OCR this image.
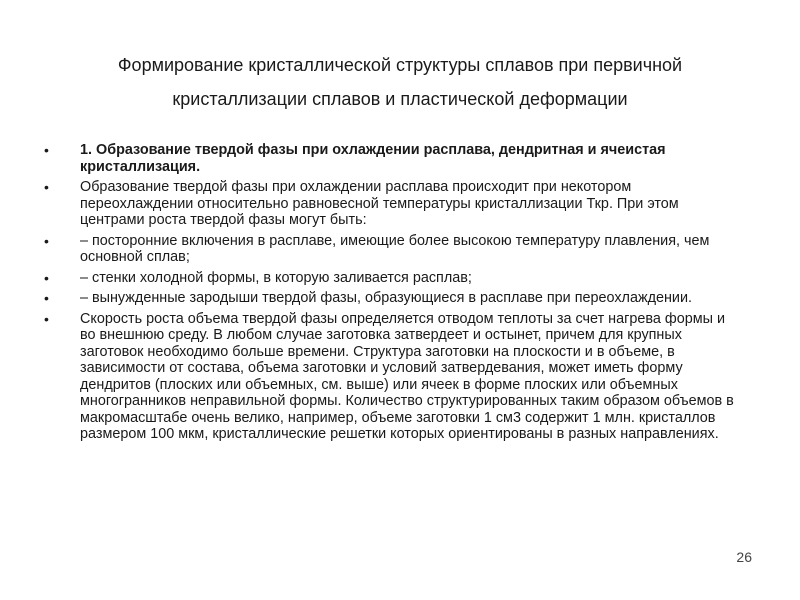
Формирование кристаллической структуры сплавов при первичной
кристаллизации сплавов и пластической деформации
• 1. Образование твердой фазы при охлаждении расплава, дендритная и ячеистая кристаллизация.
• Образование твердой фазы при охлаждении расплава происходит при некотором переохлаждении относительно равновесной температуры кристаллизации Ткр. При этом центрами роста твердой фазы могут быть:
• – посторонние включения в расплаве, имеющие более высокою температуру плавления, чем основной сплав;
• – стенки холодной формы, в которую заливается расплав;
• – вынужденные зародыши твердой фазы, образующиеся в расплаве при переохлаждении.
• Скорость роста объема твердой фазы определяется отводом теплоты за счет нагрева формы и во внешнюю среду. В любом случае заготовка затвердеет и остынет, причем для крупных заготовок необходимо больше времени. Структура заготовки на плоскости и в объеме, в зависимости от состава, объема заготовки и условий затвердевания, может иметь форму дендритов (плоских или объемных, см. выше) или ячеек в форме плоских или объемных многогранников неправильной формы. Количество структурированных таким образом объемов в макромасштабе очень велико, например, объеме заготовки 1 см3 содержит 1 млн. кристаллов размером 100 мкм, кристаллические решетки которых ориентированы в разных направлениях.
26
